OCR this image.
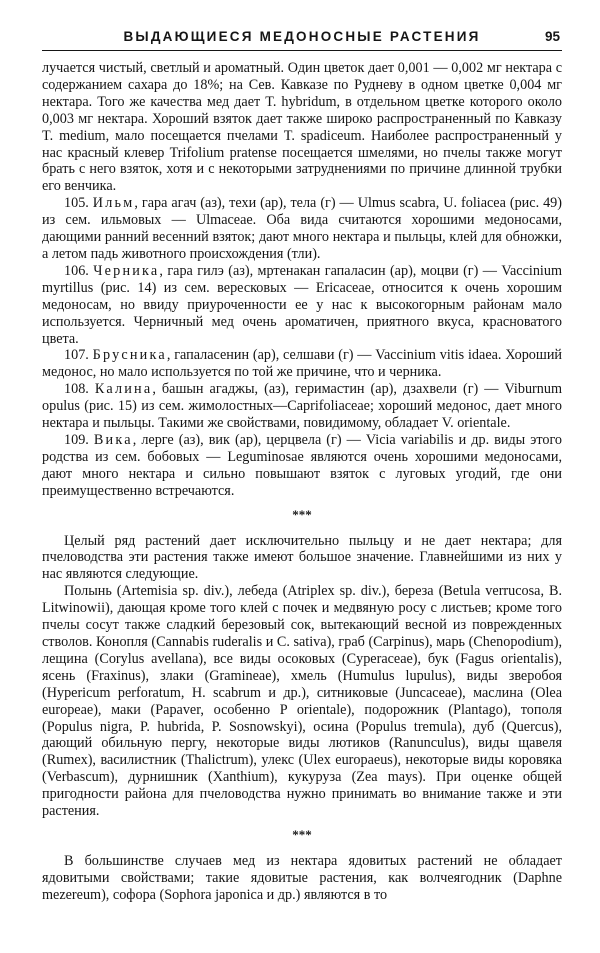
ВЫДАЮЩИЕСЯ МЕДОНОСНЫЕ РАСТЕНИЯ	95

лучается чистый, светлый и ароматный. Один цветок дает 0,001 — 0,002 мг нектара с содержанием сахара до 18%; на Сев. Кавказе по Рудневу в одном цветке 0,004 мг нектара. Того же качества мед дает T. hybridum, в отдельном цветке которого около 0,003 мг нектара. Хороший взяток дает также широко распространенный по Кавказу T. medium, мало посещается пчелами T. spadiceum. Наиболее распространенный у нас красный клевер Trifolium pratense посещается шмелями, но пчелы также могут брать с него взяток, хотя и с некоторыми затруднениями по причине длинной трубки его венчика.

105. Ильм, гара агач (аз), техи (ар), тела (г) — Ulmus scabra, U. foliacea (рис. 49) из сем. ильмовых — Ulmaceae. Оба вида считаются хорошими медоносами, дающими ранний весенний взяток; дают много нектара и пыльцы, клей для обножки, а летом падь животного происхождения (тли).

106. Черника, гара гилэ (аз), мртенакан гапаласин (ар), моцви (г) — Vaccinium myrtillus (рис. 14) из сем. вересковых — Ericaceae, относится к очень хорошим медоносам, но ввиду приуроченности ее у нас к высокогорным районам мало используется. Черничный мед очень ароматичен, приятного вкуса, красноватого цвета.

107. Брусника, гапаласенин (ар), селшави (г) — Vaccinium vitis idaea. Хороший медонос, но мало используется по той же причине, что и черника.

108. Калина, башын агаджы, (аз), геримастин (ар), дзахвели (г) — Viburnum opulus (рис. 15) из сем. жимолостных—Caprifoliaceae; хороший медонос, дает много нектара и пыльцы. Такими же свойствами, повидимому, обладает V. orientale.

109. Вика, лерге (аз), вик (ар), церцвела (г) — Vicia variabilis и др. виды этого родства из сем. бобовых — Leguminosae являются очень хорошими медоносами, дают много нектара и сильно повышают взяток с луговых угодий, где они преимущественно встречаются.

***

Целый ряд растений дает исключительно пыльцу и не дает нектара; для пчеловодства эти растения также имеют большое значение. Главнейшими из них у нас являются следующие.

Полынь (Artemisia sp. div.), лебеда (Atriplex sp. div.), береза (Betula verrucosa, B. Litwinowii), дающая кроме того клей с почек и медвяную росу с листьев; кроме того пчелы сосут также сладкий березовый сок, вытекающий весной из поврежденных стволов. Конопля (Cannabis ruderalis и C. sativa), граб (Carpinus), марь (Chenopodium), лещина (Corylus avellana), все виды осоковых (Cyperaceae), бук (Fagus orientalis), ясень (Fraxinus), злаки (Gramineae), хмель (Humulus lupulus), виды зверобоя (Hypericum perforatum, H. scabrum и др.), ситниковые (Juncaceae), маслина (Olea europeae), маки (Papaver, особенно P orientale), подорожник (Plantago), тополя (Populus nigra, P. hubrida, P. Sosnowskyi), осина (Populus tremula), дуб (Quercus), дающий обильную пергу, некоторые виды лютиков (Ranunculus), виды щавеля (Rumex), василистник (Thalictrum), улекс (Ulex europaeus), некоторые виды коровяка (Verbascum), дурнишник (Xanthium), кукуруза (Zea mays). При оценке общей пригодности района для пчеловодства нужно принимать во внимание также и эти растения.

***

В большинстве случаев мед из нектара ядовитых растений не обладает ядовитыми свойствами; такие ядовитые растения, как волчеягодник (Daphne mezereum), софора (Sophora japonica и др.) являются в то
